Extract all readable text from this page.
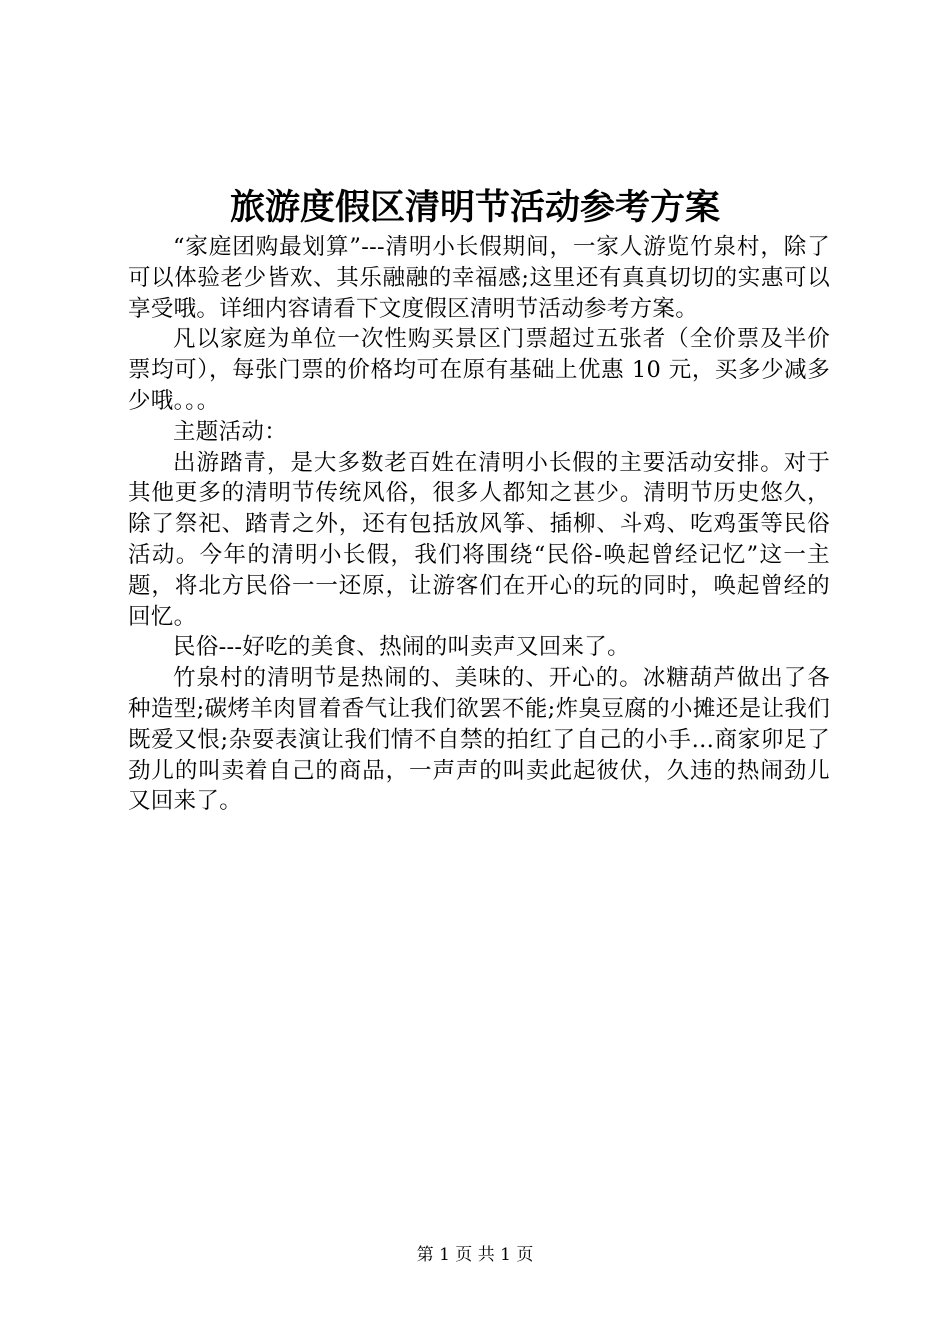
旅游度假区清明节活动参考方案

“家庭团购最划算”---清明小长假期间，一家人游览竹泉村，除了可以体验老少皆欢、其乐融融的幸福感;这里还有真真切切的实惠可以享受哦。详细内容请看下文度假区清明节活动参考方案。

凡以家庭为单位一次性购买景区门票超过五张者（全价票及半价票均可），每张门票的价格均可在原有基础上优惠 10 元，买多少减多少哦。。。

主题活动：

出游踏青，是大多数老百姓在清明小长假的主要活动安排。对于其他更多的清明节传统风俗，很多人都知之甚少。清明节历史悠久，除了祭祀、踏青之外，还有包括放风筝、插柳、斗鸡、吃鸡蛋等民俗活动。今年的清明小长假，我们将围绕“民俗-唤起曾经记忆”这一主题，将北方民俗一一还原，让游客们在开心的玩的同时，唤起曾经的回忆。

民俗---好吃的美食、热闹的叫卖声又回来了。

竹泉村的清明节是热闹的、美味的、开心的。冰糖葫芦做出了各种造型;碳烤羊肉冒着香气让我们欲罢不能;炸臭豆腐的小摊还是让我们既爱又恨;杂耍表演让我们情不自禁的拍红了自己的小手…商家卯足了劲儿的叫卖着自己的商品，一声声的叫卖此起彼伏，久违的热闹劲儿又回来了。

第 1 页 共 1 页
